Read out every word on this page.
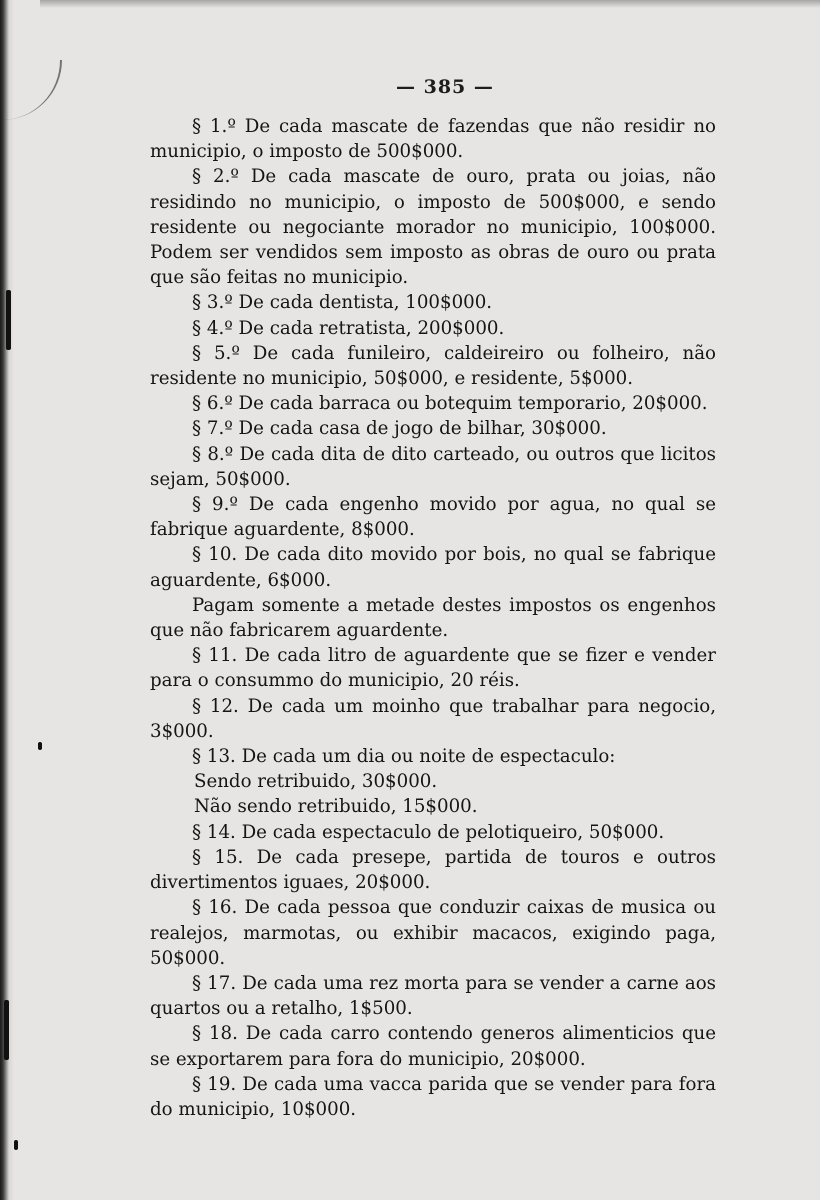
— 385 —

§ 1.º De cada mascate de fazendas que não residir no municipio, o imposto de 500$000.

§ 2.º De cada mascate de ouro, prata ou joias, não residindo no municipio, o imposto de 500$000, e sendo residente ou negociante morador no municipio, 100$000. Podem ser vendidos sem imposto as obras de ouro ou prata que são feitas no municipio.

§ 3.º De cada dentista, 100$000.

§ 4.º De cada retratista, 200$000.

§ 5.º De cada funileiro, caldeireiro ou folheiro, não residente no municipio, 50$000, e residente, 5$000.

§ 6.º De cada barraca ou botequim temporario, 20$000.

§ 7.º De cada casa de jogo de bilhar, 30$000.

§ 8.º De cada dita de dito carteado, ou outros que licitos sejam, 50$000.

§ 9.º De cada engenho movido por agua, no qual se fabrique aguardente, 8$000.

§ 10. De cada dito movido por bois, no qual se fabrique aguardente, 6$000.

Pagam somente a metade destes impostos os engenhos que não fabricarem aguardente.

§ 11. De cada litro de aguardente que se fizer e vender para o consummo do municipio, 20 réis.

§ 12. De cada um moinho que trabalhar para negocio, 3$000.

§ 13. De cada um dia ou noite de espectaculo:

Sendo retribuido, 30$000.

Não sendo retribuido, 15$000.

§ 14. De cada espectaculo de pelotiqueiro, 50$000.

§ 15. De cada presepe, partida de touros e outros divertimentos iguaes, 20$000.

§ 16. De cada pessoa que conduzir caixas de musica ou realejos, marmotas, ou exhibir macacos, exigindo paga, 50$000.

§ 17. De cada uma rez morta para se vender a carne aos quartos ou a retalho, 1$500.

§ 18. De cada carro contendo generos alimenticios que se exportarem para fora do municipio, 20$000.

§ 19. De cada uma vacca parida que se vender para fora do municipio, 10$000.
